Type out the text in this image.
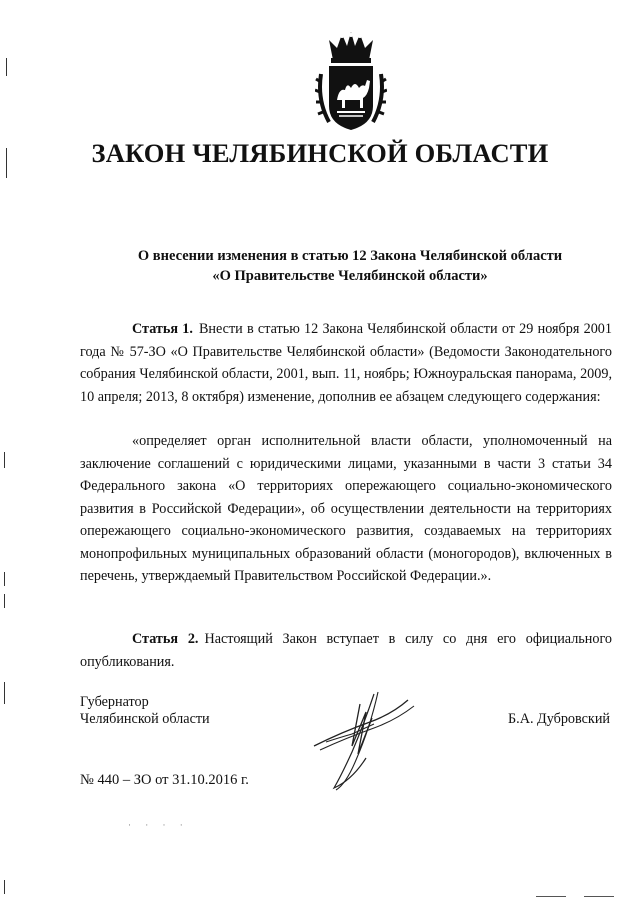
ЗАКОН ЧЕЛЯБИНСКОЙ ОБЛАСТИ
О внесении изменения в статью 12 Закона Челябинской области
«О Правительстве Челябинской области»

Статья 1. Внести в статью 12 Закона Челябинской области от 29 ноября 2001 года № 57-ЗО «О Правительстве Челябинской области» (Ведомости Законодательного собрания Челябинской области, 2001, вып. 11, ноябрь; Южноуральская панорама, 2009, 10 апреля; 2013, 8 октября) изменение, дополнив ее абзацем следующего содержания:

«определяет орган исполнительной власти области, уполномоченный на заключение соглашений с юридическими лицами, указанными в части 3 статьи 34 Федерального закона «О территориях опережающего социально-экономического развития в Российской Федерации», об осуществлении деятельности на территориях опережающего социально-экономического развития, создаваемых на территориях монопрофильных муниципальных образований области (моногородов), включенных в перечень, утверждаемый Правительством Российской Федерации.».

Статья 2. Настоящий Закон вступает в силу со дня его официального опубликования.

Губернатор
Челябинской области	Б.А. Дубровский
№ 440 – ЗО от 31.10.2016 г.
· · · ·
